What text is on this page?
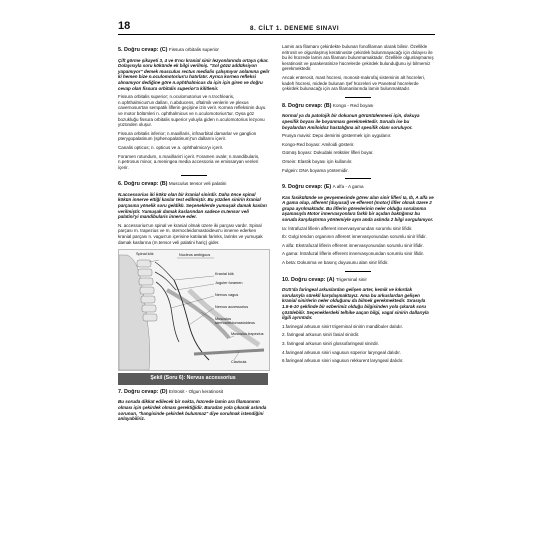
18	8. CİLT 1. DENEME SINAVI
5. Doğru cevap: (C) Fissura orbitalis superior

Çift görme şikayeti 3, 4 ve 6'ncı kranial sinir lezyonlarında ortaya çıkar. Dolayısıyla soru kökünde ek bilgi verilmiş. "Sol gözü addüksiyon yapamıyor" demek musculus rectus medialis çalışmıyor anlamına gelir ki hemen bize n.oculomotorius'u hatırlatır. Ayrıca kornea refleksi alınamıyor dediğine göre n.ophthalmicus da için için giren ve doğru cevap olan fissura orbitalis superior'a kilitlenir.

Fissura orbitalis superior; n.oculomotorius ve n.trochlearis, n.ophthalmicus'un dalları, n.abducens, oftalmik venlerin ve plexus cavernosus'tan sempatik liflerin geçişine izin verir. Kornea refleksinin duyu ve motor bölümleri n. ophthalmicus ve n.oculomotorius'tur. Oysa göz bozukluğu fissura orbitalis superior yoluyla giden n.oculomotorius lezyonu yüzünden oluşur.

Fissura orbitalis inferior; n.maxillaris, infraorbital damarlar ve ganglion pterygopalatinum (sphenopalatinum)'un dallarını içerir.

Canalis opticus; n. opticus ve a. ophthalmica'yı içerir.

Foramen rotundum, n.maxillaris'i içerir. Foramen ovale; n.mandibularis, n.petrosus minor, a.meningea media accessoria ve emissaryan venleri içerir.

6. Doğru cevap: (B) Musculus tensor veli palatini

N.accessorius iki kökü olan bir kranial sinirdir. Daha önce spinal kökün innerve ettiği kaslar test edilmiştir. Bu yüzden sinirin kranial parçasına yönelik soru geldiklı. Seçeneklerde yumuşak damak kasları verilmiştir. Yumuşak damak kaslarından sadece m.tensor veli palatini'yi mandibularis innerve eder.

N. accessorius'un spinal ve kranial olmak üzere iki parçası vardır. Spinal parçası m. trapezius ve m. sternocleidomastoideus'u innerve ederken kranial parçası n. vagus'un içerisine katılarak farinks, larinks ve yumuşak damak kaslarına (m.tensor veli palatini hariç) gider.

Spinal kök	Nucleus ambiguus
Kranial kök
Juguler foramen
Nervus vagus
Nervus accessorius
Musculus sternocleidomastoideus
Musculus trapezius
Clavicula
Şekil (Soru 6): Nervus accessorius
7. Doğru cevap: (D) Eritrosit - Olgun keratinosit

Bu soruda dikkat edilecek bir nokta, hücrede lamin ara filamanının olması için çekirdek olması gerektiğidir. Buradan yola çıkarak aslında sorunun, "hangisinde çekirdek bulunmaz" diye sorulmak istendiğini anlayabiliriz.

Lamin ara filamanı çekirdekte bulunan fonofilaman olarak bilinir. Özellikle eritrosit ve olgunlaşmış keratinosite çekirdek bulunmayacağı için dolayısı ile bu iki hücrede lamin ara filamanı bulunmamaktadır. Özellikle olgunlaşmamış keratinosit ve parakeratinize hücrelerde çekirdek bulunduğunu iyi bilmemiz gerekmektedir.

Ancak enterosit, mast hücresi, monosit-makrofaj sisteminin alt hücreleri, kadeh hücresi, midede bulunan Şef hücreleri ve Paneteal hücrelerde çekirdek bulunacağı için ara filamanlarında lamin bulunmaktadır.

8. Doğru cevap: (B) Kongo - Red boyası

Normal ya da patolojik bir dokunun görüntülenmesi için, dokuya spesifik boyası ile boyanması gerekmektedir. Soruda ise bu boyalardan Amiloidoz hastalığına ait spesifik olanı soruluyor.

Prusya mavisi: Depo demirini göstermek için uygulanır.

Kongo-Red boyası: Amiloidi gösterir.

Gümüş boyası: Dokudaki retiküler lifleri boyar.

Orsein: Elastik boyası için kullanılır.

Fulgein: DNA boyama yöntemidir.

9. Doğru cevap: (E) A alfa - A gama

Kas fasikülünde ve gevşemesinde görev alan sinir lifleri Ia, Ib, A alfa ve A gama olup, afferent (duyusal) ve efferent (motor) lifler olmak üzere 2 grupa ayrılmaktadır. Bu liflerin görevlerinin neler olduğu sorulanma aşamasıyla Motor innervasyonlara farklı bir açıdan baktığımız bu soruda karşılaştırma yöntemiyle aynı anda aslında 2 bilgi sorgulanıyor.

Ia: İntrafuzal lifierin afferent innervasyonundan sorumlu sinir lifidir.

Ib: Golgi tendon organının afferent innervasyonundan sorumlu sinir lifidir.

A alfa: Ekstrafuzal liflerin efferent innervasyonundan sorumlu sinir lifidir.

A gama: İntrafuzal liflerin efferent innervasyonundan sorumlu sinir lifidir.

A beta: Dokunma ve basınç duyusunu alan sinir lifidir.

10. Doğru cevap: (A) Trigeminal sinir

DUS'da faringeal arkuslardan gelişen arter, kemik ve kıkırdak sorularıyla sürekli karşılaşmaktayız. Ama bu arkuslardan gelişen kranial sinirlerin neler olduğunu da bilmek gerekmektedir. Sırasıyla 1.5-6-10 şeklinde bir ezberimiz olduğu bilgisinden yola çıkarak soru çözülebilir. Seçeneklerdeki telhike aaçan bilgi, vagal sinirin dallarıyla ilgili ayrıntıdır.

1.farinegal arkusun sinirI trigeminal sinirin mandibuler dalıdır.

2. faringeal arkusun siniri fasial sinirdir.

3. faringeal arkusun siniri glossofaringeal sinirdir.

4.faringeal arkusun siniri vagusun süperior laryngeal dalıdır.

6.faringeal arkusun siniri vagusun rekkurent laryngeal dalıdır.
